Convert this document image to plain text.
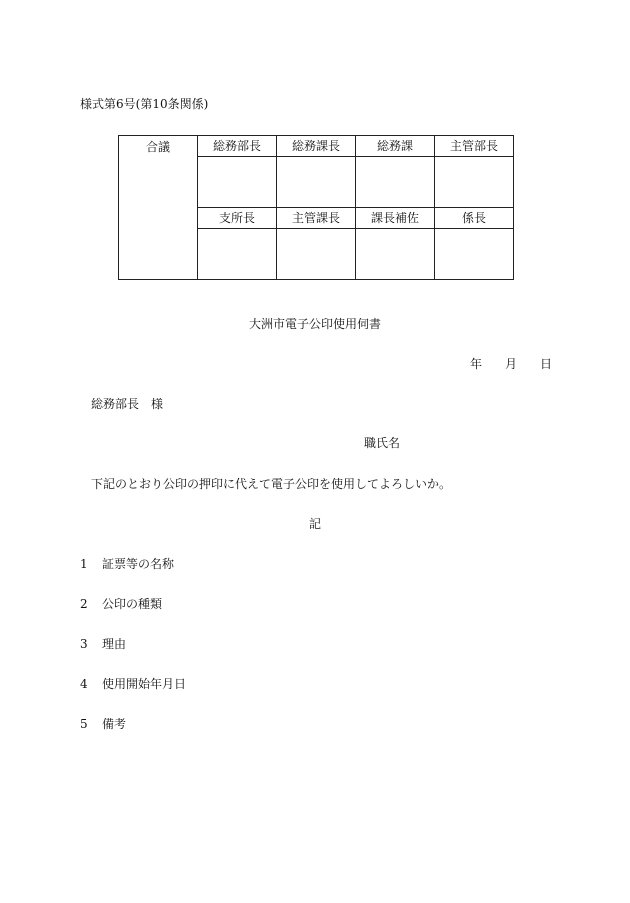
様式第6号(第10条関係)
合議	総務部長	総務課長	総務課	主管部長

	支所長	主管課長	課長補佐	係長

大洲市電子公印使用伺書
年 月 日
総務部長　様
職氏名
下記のとおり公印の押印に代えて電子公印を使用してよろしいか。
記
1 証票等の名称
2 公印の種類
3 理由
4 使用開始年月日
5 備考
